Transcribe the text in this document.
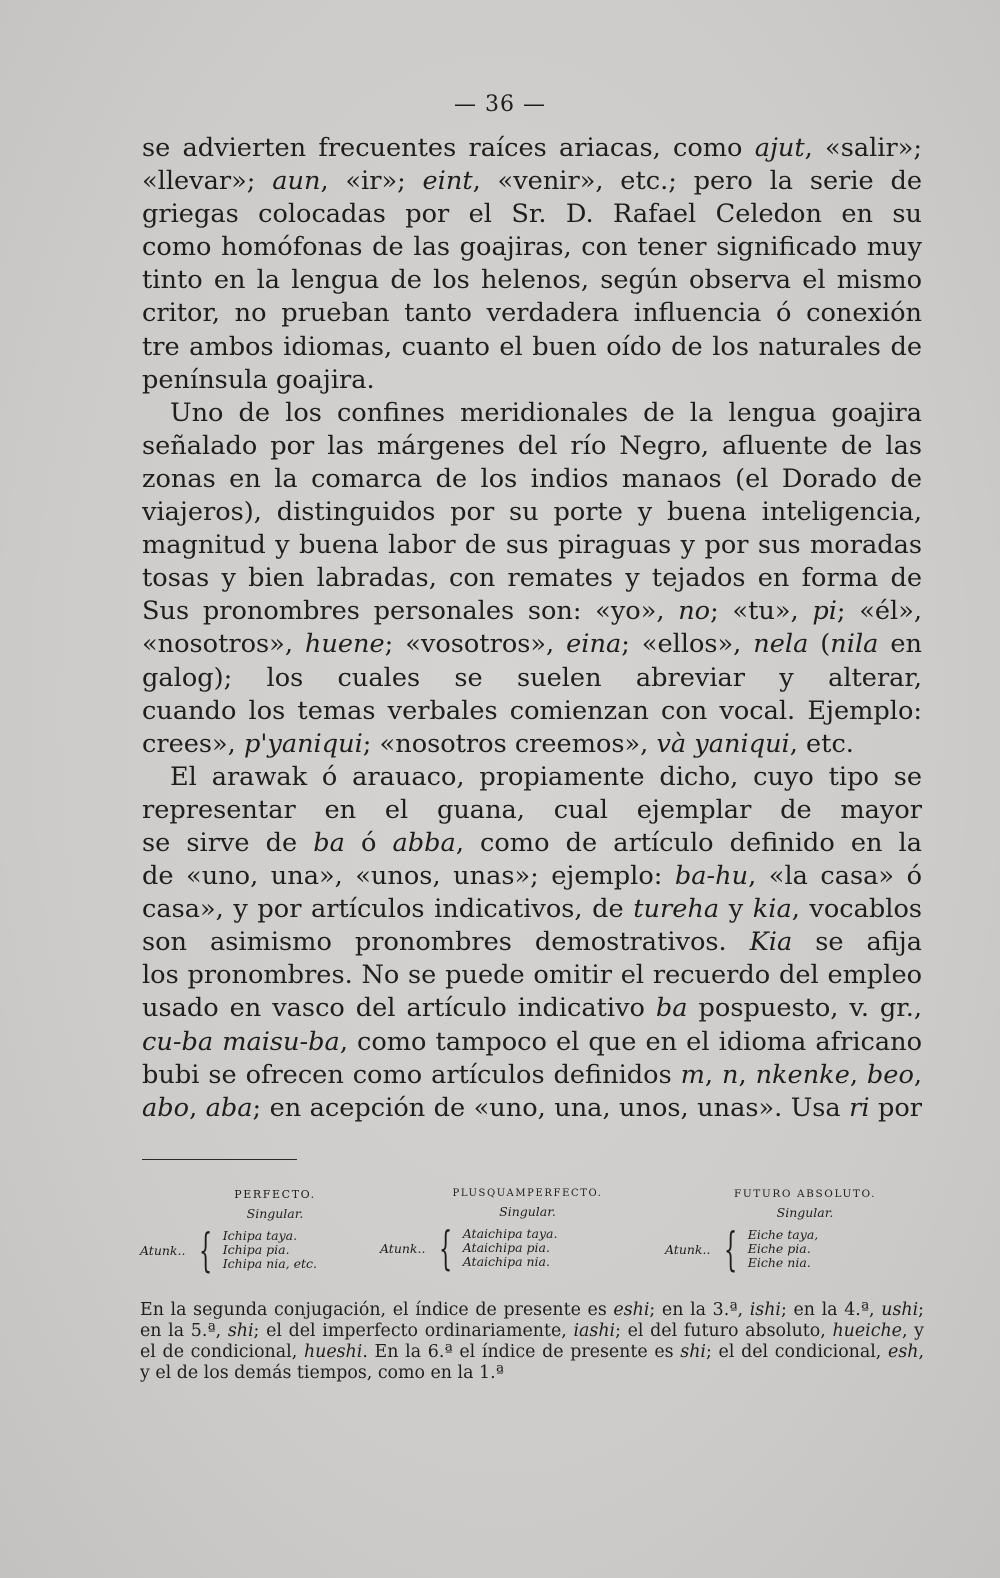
— 36 —
se advierten frecuentes raíces ariacas, como ajut, «salir»;
«llevar»; aun, «ir»; eint, «venir», etc.; pero la serie de
griegas colocadas por el Sr. D. Rafael Celedon en su
como homófonas de las goajiras, con tener significado muy
tinto en la lengua de los helenos, según observa el mismo
critor, no prueban tanto verdadera influencia ó conexión
tre ambos idiomas, cuanto el buen oído de los naturales de
península goajira.
Uno de los confines meridionales de la lengua goajira
señalado por las márgenes del río Negro, afluente de las
zonas en la comarca de los indios manaos (el Dorado de
viajeros), distinguidos por su porte y buena inteligencia,
magnitud y buena labor de sus piraguas y por sus moradas
tosas y bien labradas, con remates y tejados en forma de
Sus pronombres personales son: «yo», no; «tu», pi; «él»,
«nosotros», huene; «vosotros», eina; «ellos», nela (nila en
galog); los cuales se suelen abreviar y alterar,
cuando los temas verbales comienzan con vocal. Ejemplo:
crees», p'yaniqui; «nosotros creemos», và yaniqui, etc.
El arawak ó arauaco, propiamente dicho, cuyo tipo se
representar en el guana, cual ejemplar de mayor
se sirve de ba ó abba, como de artículo definido en la
de «uno, una», «unos, unas»; ejemplo: ba-hu, «la casa» ó
casa», y por artículos indicativos, de tureha y kia, vocablos
son asimismo pronombres demostrativos. Kia se afija
los pronombres. No se puede omitir el recuerdo del empleo
usado en vasco del artículo indicativo ba pospuesto, v. gr.,
cu-ba maisu-ba, como tampoco el que en el idioma africano
bubi se ofrecen como artículos definidos m, n, nkenke, beo,
abo, aba; en acepción de «uno, una, unos, unas». Usa ri por
PERFECTO.
Singular.
Atunk.. { Ichipa taya.
Ichipa pia.
Ichipa nia, etc.
PLUSQUAMPERFECTO.
Singular.
Atunk.. { Ataichipa taya.
Ataichipa pia.
Ataichipa nia.
FUTURO ABSOLUTO.
Singular.
Atunk.. { Eiche taya,
Eiche pia.
Eiche nia.
En la segunda conjugación, el índice de presente es eshi; en la 3.ª, ishi; en la 4.ª, ushi;
en la 5.ª, shi; el del imperfecto ordinariamente, iashi; el del futuro absoluto, hueiche, y
el de condicional, hueshi. En la 6.ª el índice de presente es shi; el del condicional, esh,
y el de los demás tiempos, como en la 1.ª
